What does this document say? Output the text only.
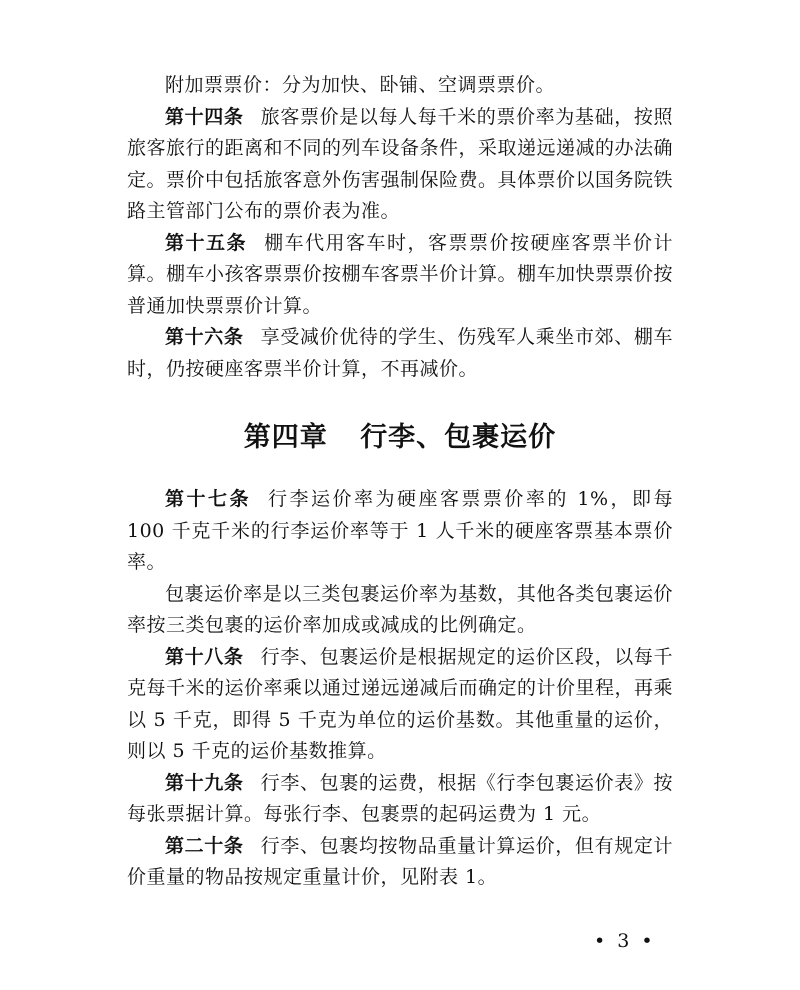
附加票票价：分为加快、卧铺、空调票票价。

第十四条 旅客票价是以每人每千米的票价率为基础，按照旅客旅行的距离和不同的列车设备条件，采取递远递减的办法确定。票价中包括旅客意外伤害强制保险费。具体票价以国务院铁路主管部门公布的票价表为准。

第十五条 棚车代用客车时，客票票价按硬座客票半价计算。棚车小孩客票票价按棚车客票半价计算。棚车加快票票价按普通加快票票价计算。

第十六条 享受减价优待的学生、伤残军人乘坐市郊、棚车时，仍按硬座客票半价计算，不再减价。

第四章 行李、包裹运价

第十七条 行李运价率为硬座客票票价率的 1%，即每 100 千克千米的行李运价率等于 1 人千米的硬座客票基本票价率。

包裹运价率是以三类包裹运价率为基数，其他各类包裹运价率按三类包裹的运价率加成或减成的比例确定。

第十八条 行李、包裹运价是根据规定的运价区段，以每千克每千米的运价率乘以通过递远递减后而确定的计价里程，再乘以 5 千克，即得 5 千克为单位的运价基数。其他重量的运价，则以 5 千克的运价基数推算。

第十九条 行李、包裹的运费，根据《行李包裹运价表》按每张票据计算。每张行李、包裹票的起码运费为 1 元。

第二十条 行李、包裹均按物品重量计算运价，但有规定计价重量的物品按规定重量计价，见附表 1。

• 3 •
